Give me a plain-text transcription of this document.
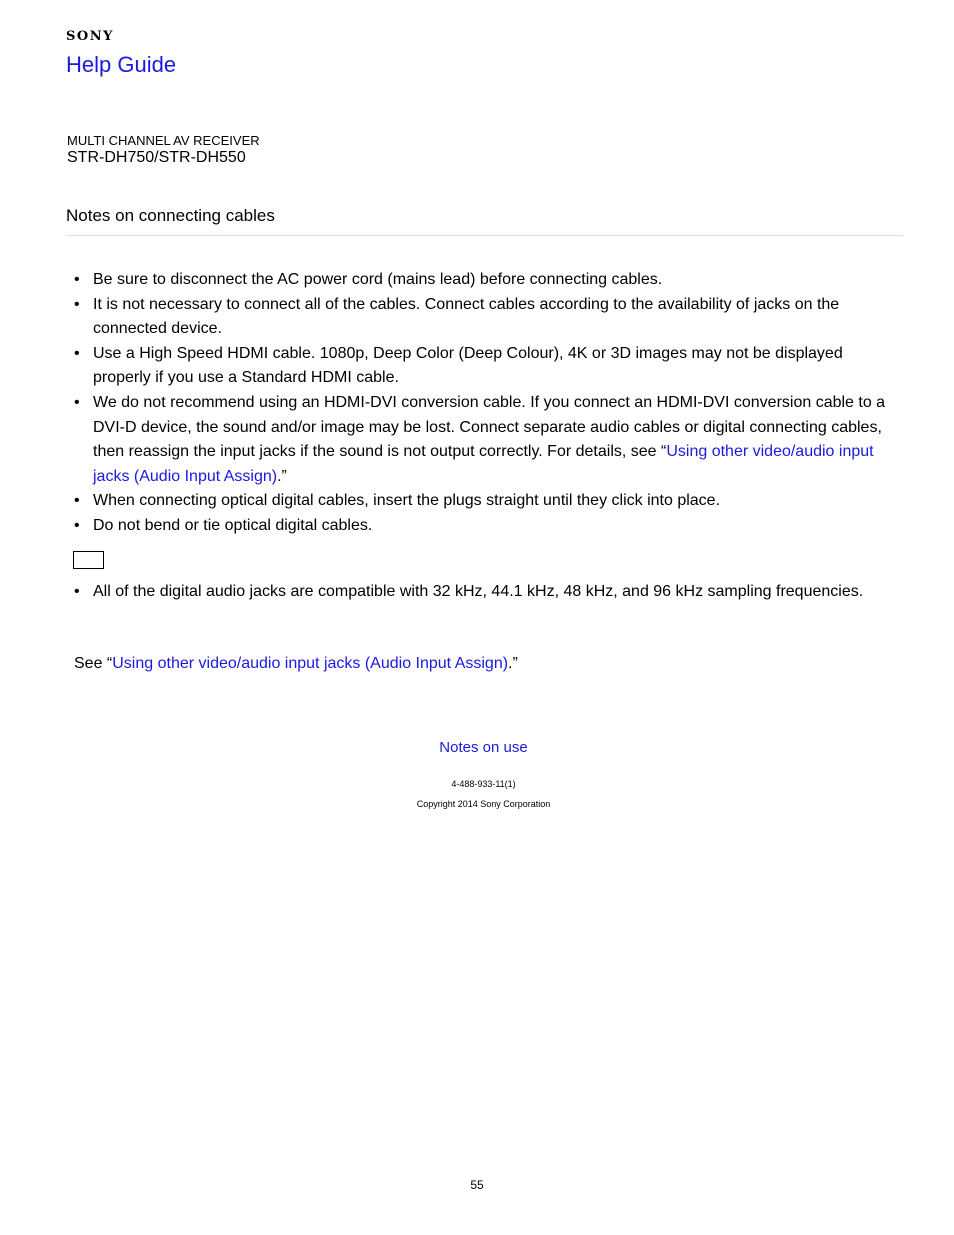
SONY
Help Guide
MULTI CHANNEL AV RECEIVER
STR-DH750/STR-DH550
Notes on connecting cables
• Be sure to disconnect the AC power cord (mains lead) before connecting cables.
• It is not necessary to connect all of the cables. Connect cables according to the availability of jacks on the connected device.
• Use a High Speed HDMI cable. 1080p, Deep Color (Deep Colour), 4K or 3D images may not be displayed properly if you use a Standard HDMI cable.
• We do not recommend using an HDMI-DVI conversion cable. If you connect an HDMI-DVI conversion cable to a DVI-D device, the sound and/or image may be lost. Connect separate audio cables or digital connecting cables, then reassign the input jacks if the sound is not output correctly. For details, see “Using other video/audio input jacks (Audio Input Assign).”
• When connecting optical digital cables, insert the plugs straight until they click into place.
• Do not bend or tie optical digital cables.
• All of the digital audio jacks are compatible with 32 kHz, 44.1 kHz, 48 kHz, and 96 kHz sampling frequencies.
See “Using other video/audio input jacks (Audio Input Assign).”
Notes on use
4-488-933-11(1)
Copyright 2014 Sony Corporation
55
